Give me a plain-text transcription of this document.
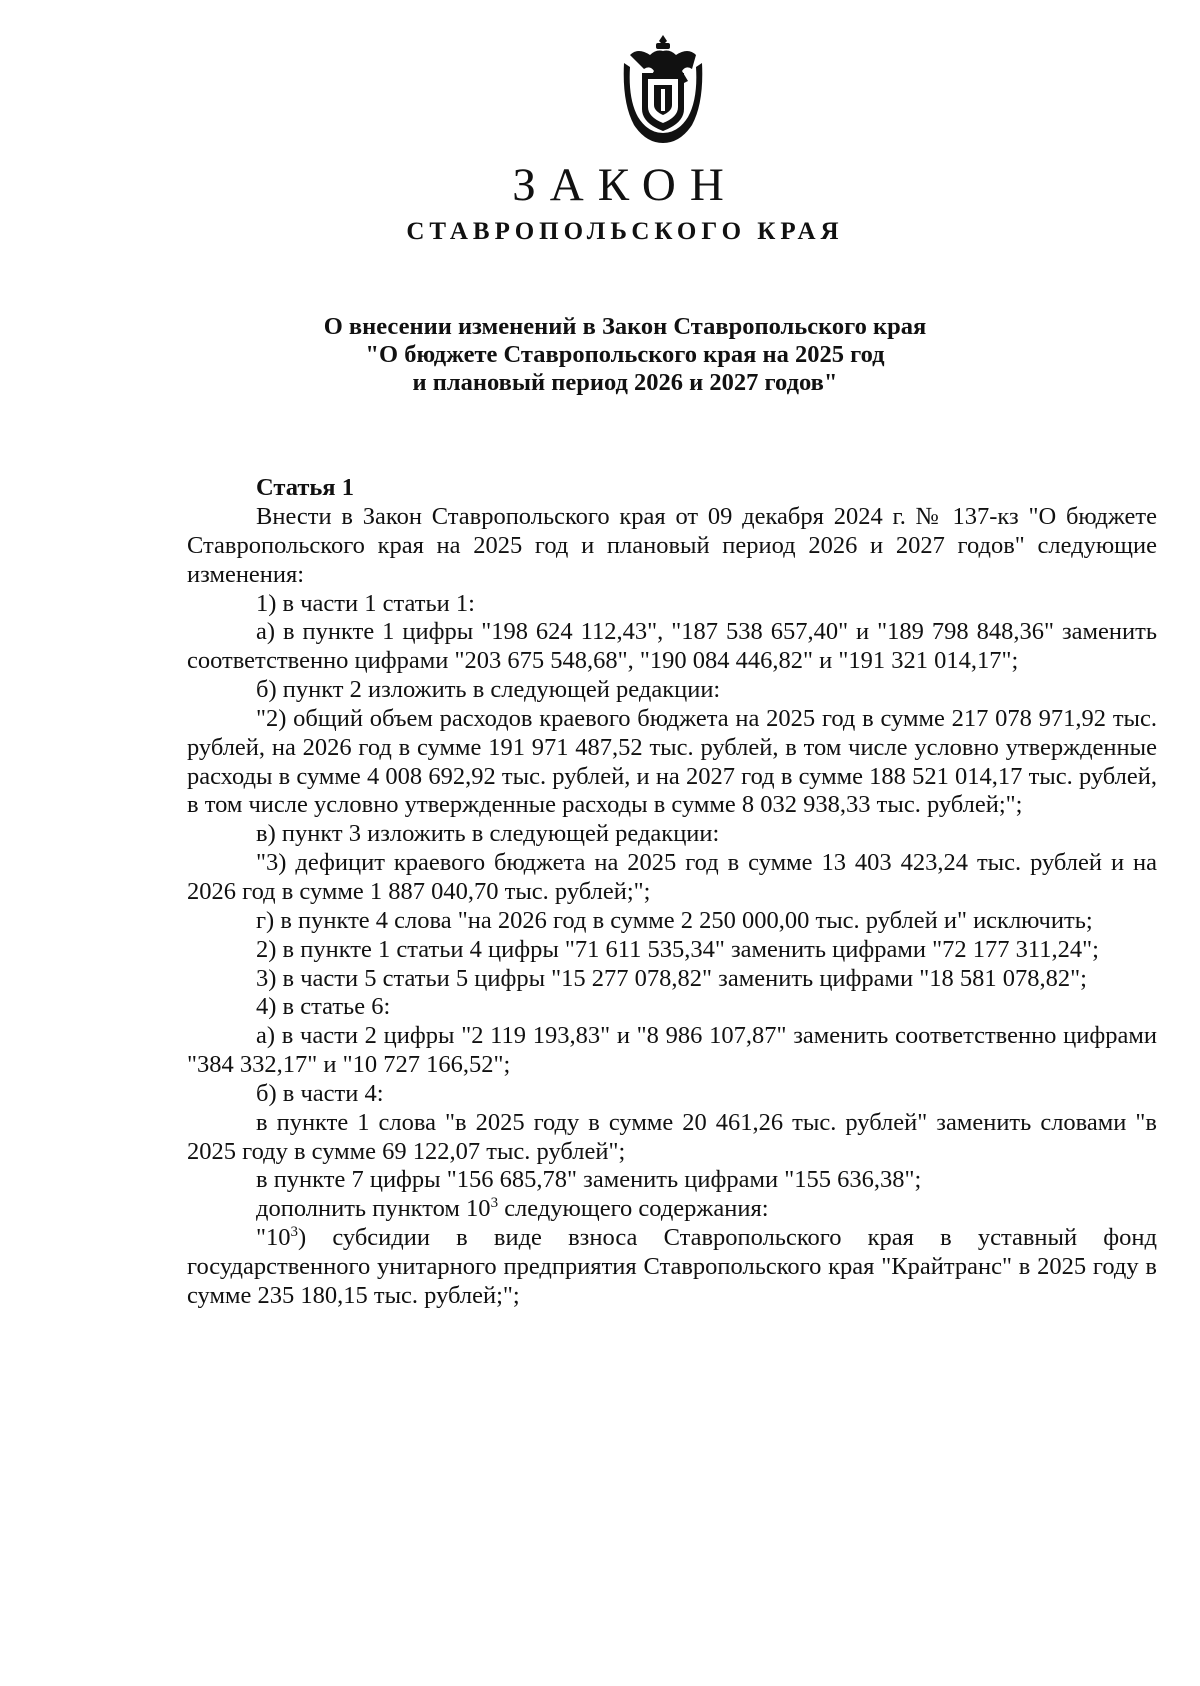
ЗАКОН
СТАВРОПОЛЬСКОГО КРАЯ
О внесении изменений в Закон Ставропольского края
"О бюджете Ставропольского края на 2025 год
и плановый период 2026 и 2027 годов"
Статья 1

Внести в Закон Ставропольского края от 09 декабря 2024 г. № 137-кз "О бюджете Ставропольского края на 2025 год и плановый период 2026 и 2027 годов" следующие изменения:

1) в части 1 статьи 1:

а) в пункте 1 цифры "198 624 112,43", "187 538 657,40" и "189 798 848,36" заменить соответственно цифрами "203 675 548,68", "190 084 446,82" и "191 321 014,17";

б) пункт 2 изложить в следующей редакции:

"2) общий объем расходов краевого бюджета на 2025 год в сумме 217 078 971,92 тыс. рублей, на 2026 год в сумме 191 971 487,52 тыс. рублей, в том числе условно утвержденные расходы в сумме 4 008 692,92 тыс. рублей, и на 2027 год в сумме 188 521 014,17 тыс. рублей, в том числе условно утвержденные расходы в сумме 8 032 938,33 тыс. рублей;";

в) пункт 3 изложить в следующей редакции:

"3) дефицит краевого бюджета на 2025 год в сумме 13 403 423,24 тыс. рублей и на 2026 год в сумме 1 887 040,70 тыс. рублей;";

г) в пункте 4 слова "на 2026 год в сумме 2 250 000,00 тыс. рублей и" исключить;

2) в пункте 1 статьи 4 цифры "71 611 535,34" заменить цифрами "72 177 311,24";

3) в части 5 статьи 5 цифры "15 277 078,82" заменить цифрами "18 581 078,82";

4) в статье 6:

а) в части 2 цифры "2 119 193,83" и "8 986 107,87" заменить соответственно цифрами "384 332,17" и "10 727 166,52";

б) в части 4:

в пункте 1 слова "в 2025 году в сумме 20 461,26 тыс. рублей" заменить словами "в 2025 году в сумме 69 122,07 тыс. рублей";

в пункте 7 цифры "156 685,78" заменить цифрами "155 636,38";

дополнить пунктом $10^3$ следующего содержания:

"$10^3$) субсидии в виде взноса Ставропольского края в уставный фонд государственного унитарного предприятия Ставропольского края "Крайтранс" в 2025 году в сумме 235 180,15 тыс. рублей;";
